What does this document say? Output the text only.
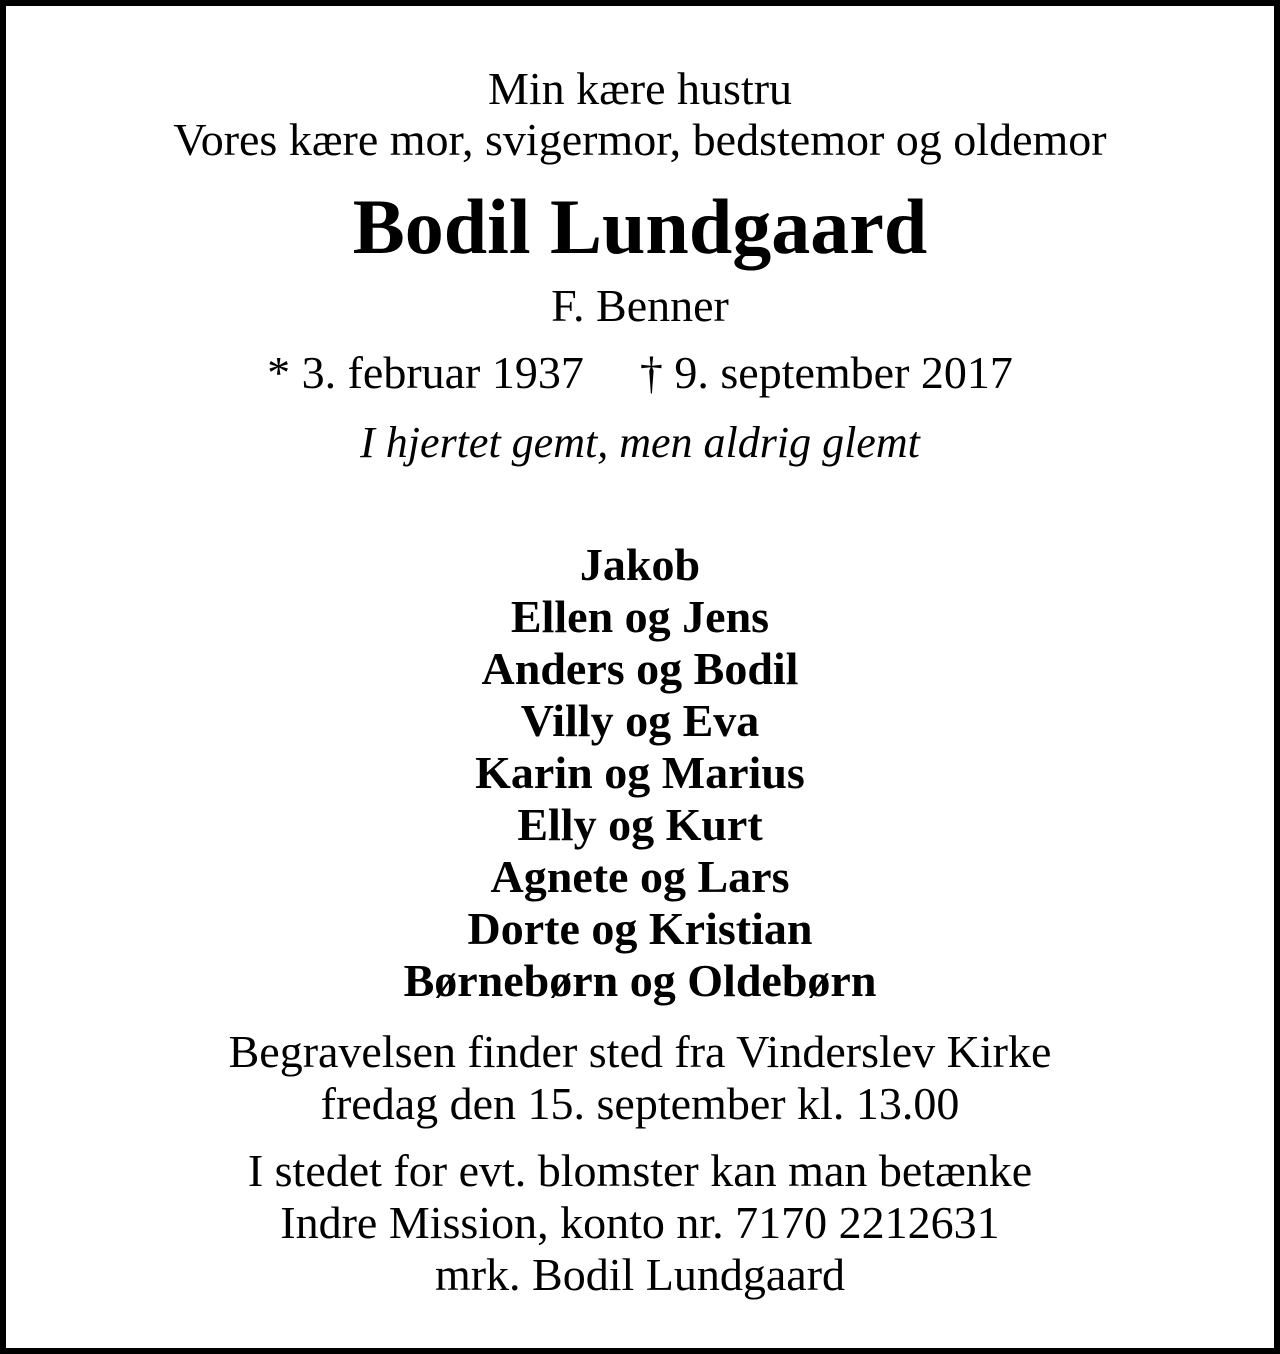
Min kære hustru

Vores kære mor, svigermor, bedstemor og oldemor

Bodil Lundgaard

F. Benner

* 3. februar 1937 † 9. september 2017

I hjertet gemt, men aldrig glemt

Jakob

Ellen og Jens

Anders og Bodil

Villy og Eva

Karin og Marius

Elly og Kurt

Agnete og Lars

Dorte og Kristian

Børnebørn og Oldebørn

Begravelsen finder sted fra Vinderslev Kirke

fredag den 15. september kl. 13.00

I stedet for evt. blomster kan man betænke

Indre Mission, konto nr. 7170 2212631

mrk. Bodil Lundgaard
